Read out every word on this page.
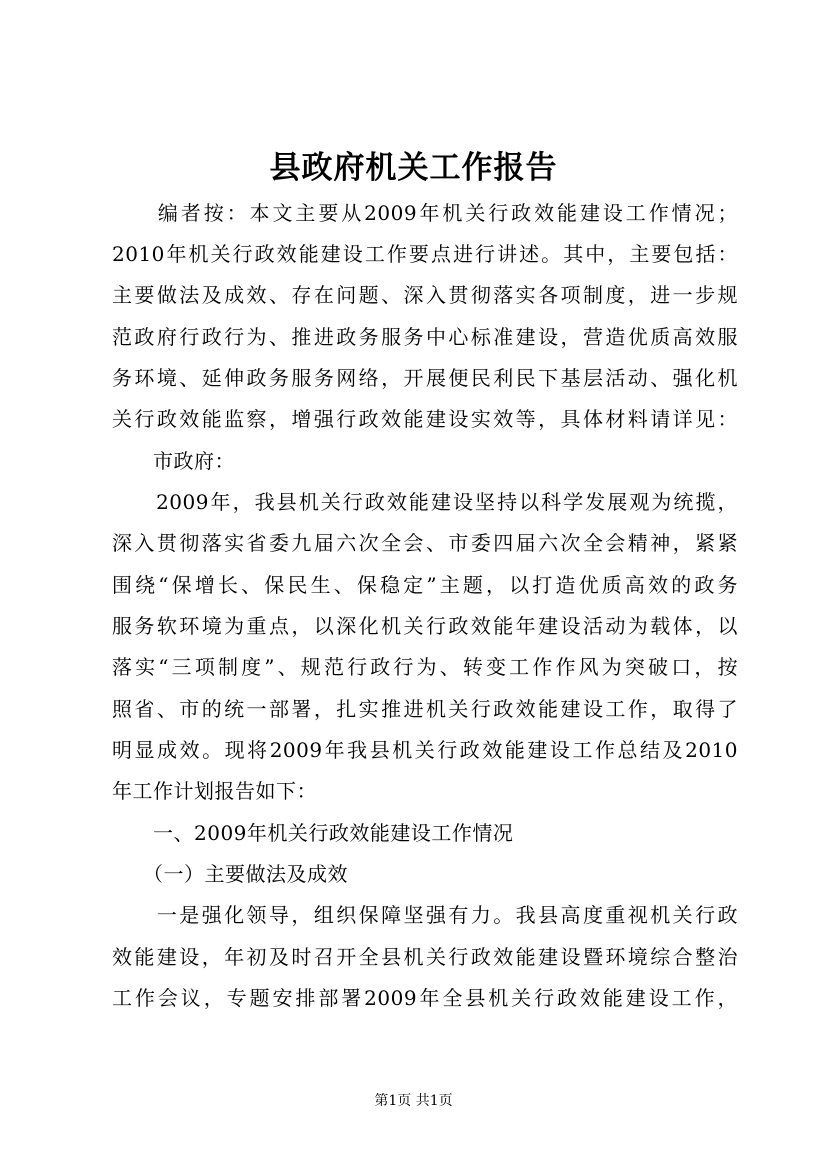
县政府机关工作报告
　　编者按：本文主要从2009年机关行政效能建设工作情况；
2010年机关行政效能建设工作要点进行讲述。其中，主要包括：
主要做法及成效、存在问题、深入贯彻落实各项制度，进一步规
范政府行政行为、推进政务服务中心标准建设，营造优质高效服
务环境、延伸政务服务网络，开展便民利民下基层活动、强化机
关行政效能监察，增强行政效能建设实效等，具体材料请详见：
　　市政府：
　　2009年，我县机关行政效能建设坚持以科学发展观为统揽，
深入贯彻落实省委九届六次全会、市委四届六次全会精神，紧紧
围绕“保增长、保民生、保稳定”主题，以打造优质高效的政务
服务软环境为重点，以深化机关行政效能年建设活动为载体，以
落实“三项制度”、规范行政行为、转变工作作风为突破口，按
照省、市的统一部署，扎实推进机关行政效能建设工作，取得了
明显成效。现将2009年我县机关行政效能建设工作总结及2010
年工作计划报告如下：
　　一、2009年机关行政效能建设工作情况
　　（一）主要做法及成效
　　一是强化领导，组织保障坚强有力。我县高度重视机关行政
效能建设，年初及时召开全县机关行政效能建设暨环境综合整治
工作会议，专题安排部署2009年全县机关行政效能建设工作，
第1页 共1页
